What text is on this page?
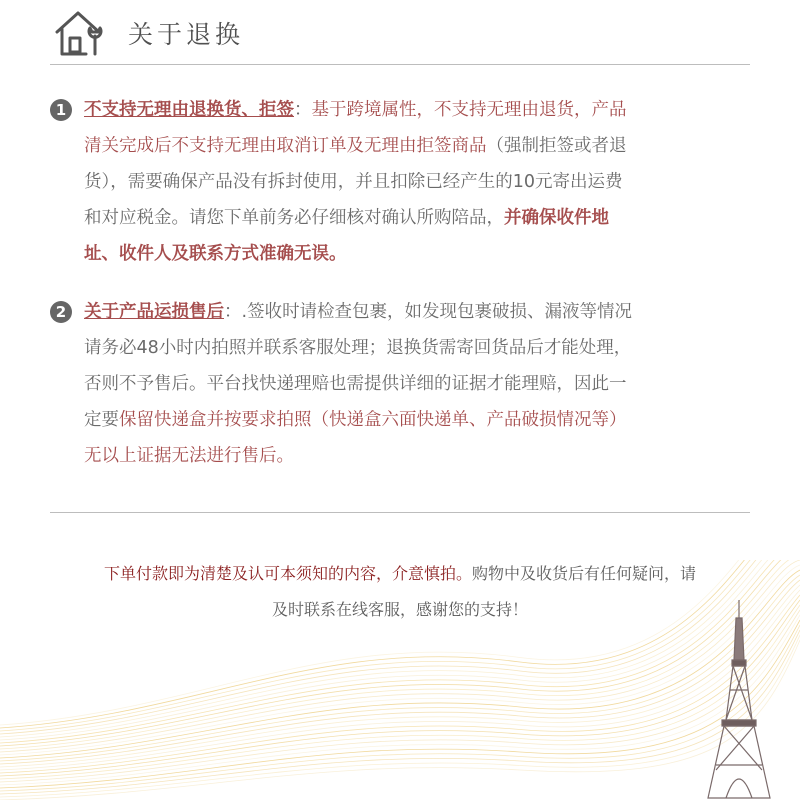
关于退换
1	不支持无理由退换货、拒签：基于跨境属性，不支持无理由退货，产品
清关完成后不支持无理由取消订单及无理由拒签商品（强制拒签或者退
货），需要确保产品没有拆封使用，并且扣除已经产生的10元寄出运费
和对应税金。请您下单前务必仔细核对确认所购陪品，并确保收件地
址、收件人及联系方式准确无误。
2	关于产品运损售后：.签收时请检查包裹，如发现包裹破损、漏液等情况
请务必48小时内拍照并联系客服处理；退换货需寄回货品后才能处理，
否则不予售后。平台找快递理赔也需提供详细的证据才能理赔，因此一
定要保留快递盒并按要求拍照（快递盒六面快递单、产品破损情况等）
无以上证据无法进行售后。
下单付款即为清楚及认可本须知的内容，介意慎拍。购物中及收货后有任何疑问，请
及时联系在线客服，感谢您的支持！
